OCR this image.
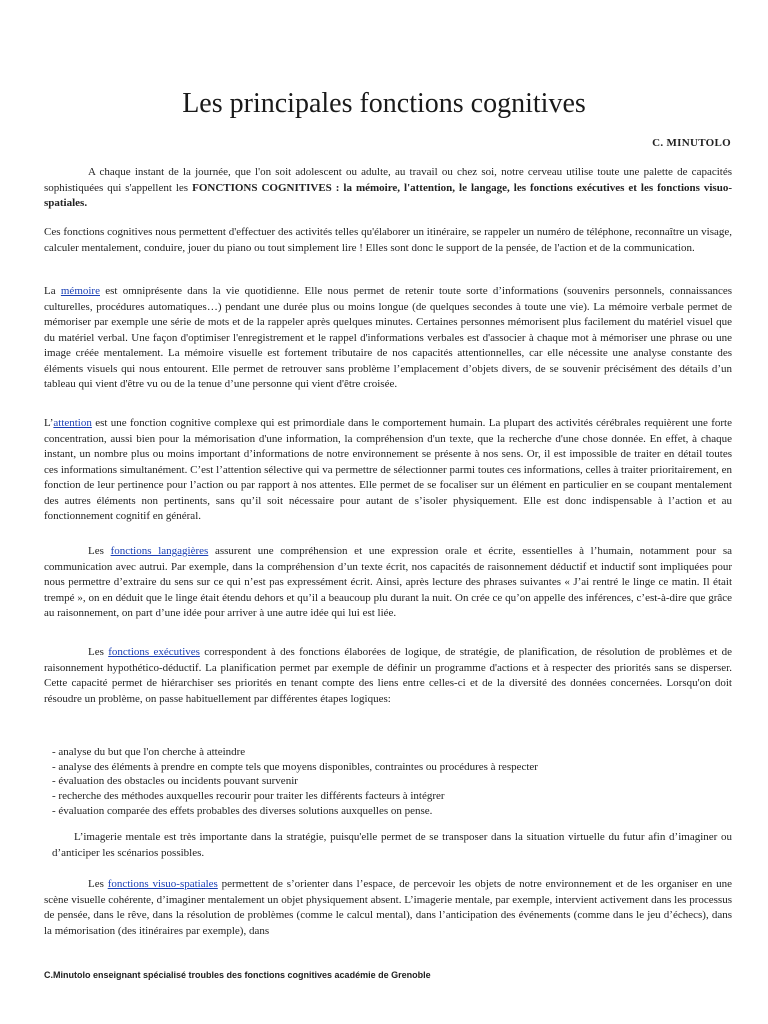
Les principales fonctions cognitives
C. MINUTOLO

A chaque instant de la journée, que l'on soit adolescent ou adulte, au travail ou chez soi, notre cerveau utilise toute une palette de capacités sophistiquées qui s'appellent les FONCTIONS COGNITIVES : la mémoire, l'attention, le langage, les fonctions exécutives et les fonctions visuo-spatiales.

Ces fonctions cognitives nous permettent d'effectuer des activités telles qu'élaborer un itinéraire, se rappeler un numéro de téléphone, reconnaître un visage, calculer mentalement, conduire, jouer du piano ou tout simplement lire ! Elles sont donc le support de la pensée, de l'action et de la communication.

La mémoire est omniprésente dans la vie quotidienne. Elle nous permet de retenir toute sorte d’informations (souvenirs personnels, connaissances culturelles, procédures automatiques…) pendant une durée plus ou moins longue (de quelques secondes à toute une vie). La mémoire verbale permet de mémoriser par exemple une série de mots et de la rappeler après quelques minutes. Certaines personnes mémorisent plus facilement du matériel visuel que du matériel verbal. Une façon d'optimiser l'enregistrement et le rappel d'informations verbales est d'associer à chaque mot à mémoriser une phrase ou une image créée mentalement. La mémoire visuelle est fortement tributaire de nos capacités attentionnelles, car elle nécessite une analyse constante des éléments visuels qui nous entourent. Elle permet de retrouver sans problème l’emplacement d’objets divers, de se souvenir précisément des détails d’un tableau qui vient d'être vu ou de la tenue d’une personne qui vient d'être croisée.

L’attention est une fonction cognitive complexe qui est primordiale dans le comportement humain. La plupart des activités cérébrales requièrent une forte concentration, aussi bien pour la mémorisation d'une information, la compréhension d'un texte, que la recherche d'une chose donnée. En effet, à chaque instant, un nombre plus ou moins important d’informations de notre environnement se présente à nos sens. Or, il est impossible de traiter en détail toutes ces informations simultanément. C’est l’attention sélective qui va permettre de sélectionner parmi toutes ces informations, celles à traiter prioritairement, en fonction de leur pertinence pour l’action ou par rapport à nos attentes. Elle permet de se focaliser sur un élément en particulier en se coupant mentalement des autres éléments non pertinents, sans qu’il soit nécessaire pour autant de s’isoler physiquement. Elle est donc indispensable à l’action et au fonctionnement cognitif en général.

Les fonctions langagières assurent une compréhension et une expression orale et écrite, essentielles à l’humain, notamment pour sa communication avec autrui. Par exemple, dans la compréhension d’un texte écrit, nos capacités de raisonnement déductif et inductif sont impliquées pour nous permettre d’extraire du sens sur ce qui n’est pas expressément écrit. Ainsi, après lecture des phrases suivantes « J’ai rentré le linge ce matin. Il était trempé », on en déduit que le linge était étendu dehors et qu’il a beaucoup plu durant la nuit. On crée ce qu’on appelle des inférences, c’est-à-dire que grâce au raisonnement, on part d’une idée pour arriver à une autre idée qui lui est liée.

Les fonctions exécutives correspondent à des fonctions élaborées de logique, de stratégie, de planification, de résolution de problèmes et de raisonnement hypothético-déductif. La planification permet par exemple de définir un programme d'actions et à respecter des priorités sans se disperser. Cette capacité permet de hiérarchiser ses priorités en tenant compte des liens entre celles-ci et de la diversité des données concernées. Lorsqu'on doit résoudre un problème, on passe habituellement par différentes étapes logiques:

- analyse du but que l'on cherche à atteindre
- analyse des éléments à prendre en compte tels que moyens disponibles, contraintes ou procédures à respecter
- évaluation des obstacles ou incidents pouvant survenir
- recherche des méthodes auxquelles recourir pour traiter les différents facteurs à intégrer
- évaluation comparée des effets probables des diverses solutions auxquelles on pense.

L’imagerie mentale est très importante dans la stratégie, puisqu'elle permet de se transposer dans la situation virtuelle du futur afin d’imaginer ou d’anticiper les scénarios possibles.

Les fonctions visuo-spatiales permettent de s’orienter dans l’espace, de percevoir les objets de notre environnement et de les organiser en une scène visuelle cohérente, d’imaginer mentalement un objet physiquement absent. L’imagerie mentale, par exemple, intervient activement dans les processus de pensée, dans le rêve, dans la résolution de problèmes (comme le calcul mental), dans l’anticipation des événements (comme dans le jeu d’échecs), dans la mémorisation (des itinéraires par exemple), dans

C.Minutolo enseignant spécialisé troubles des fonctions cognitives académie de Grenoble
